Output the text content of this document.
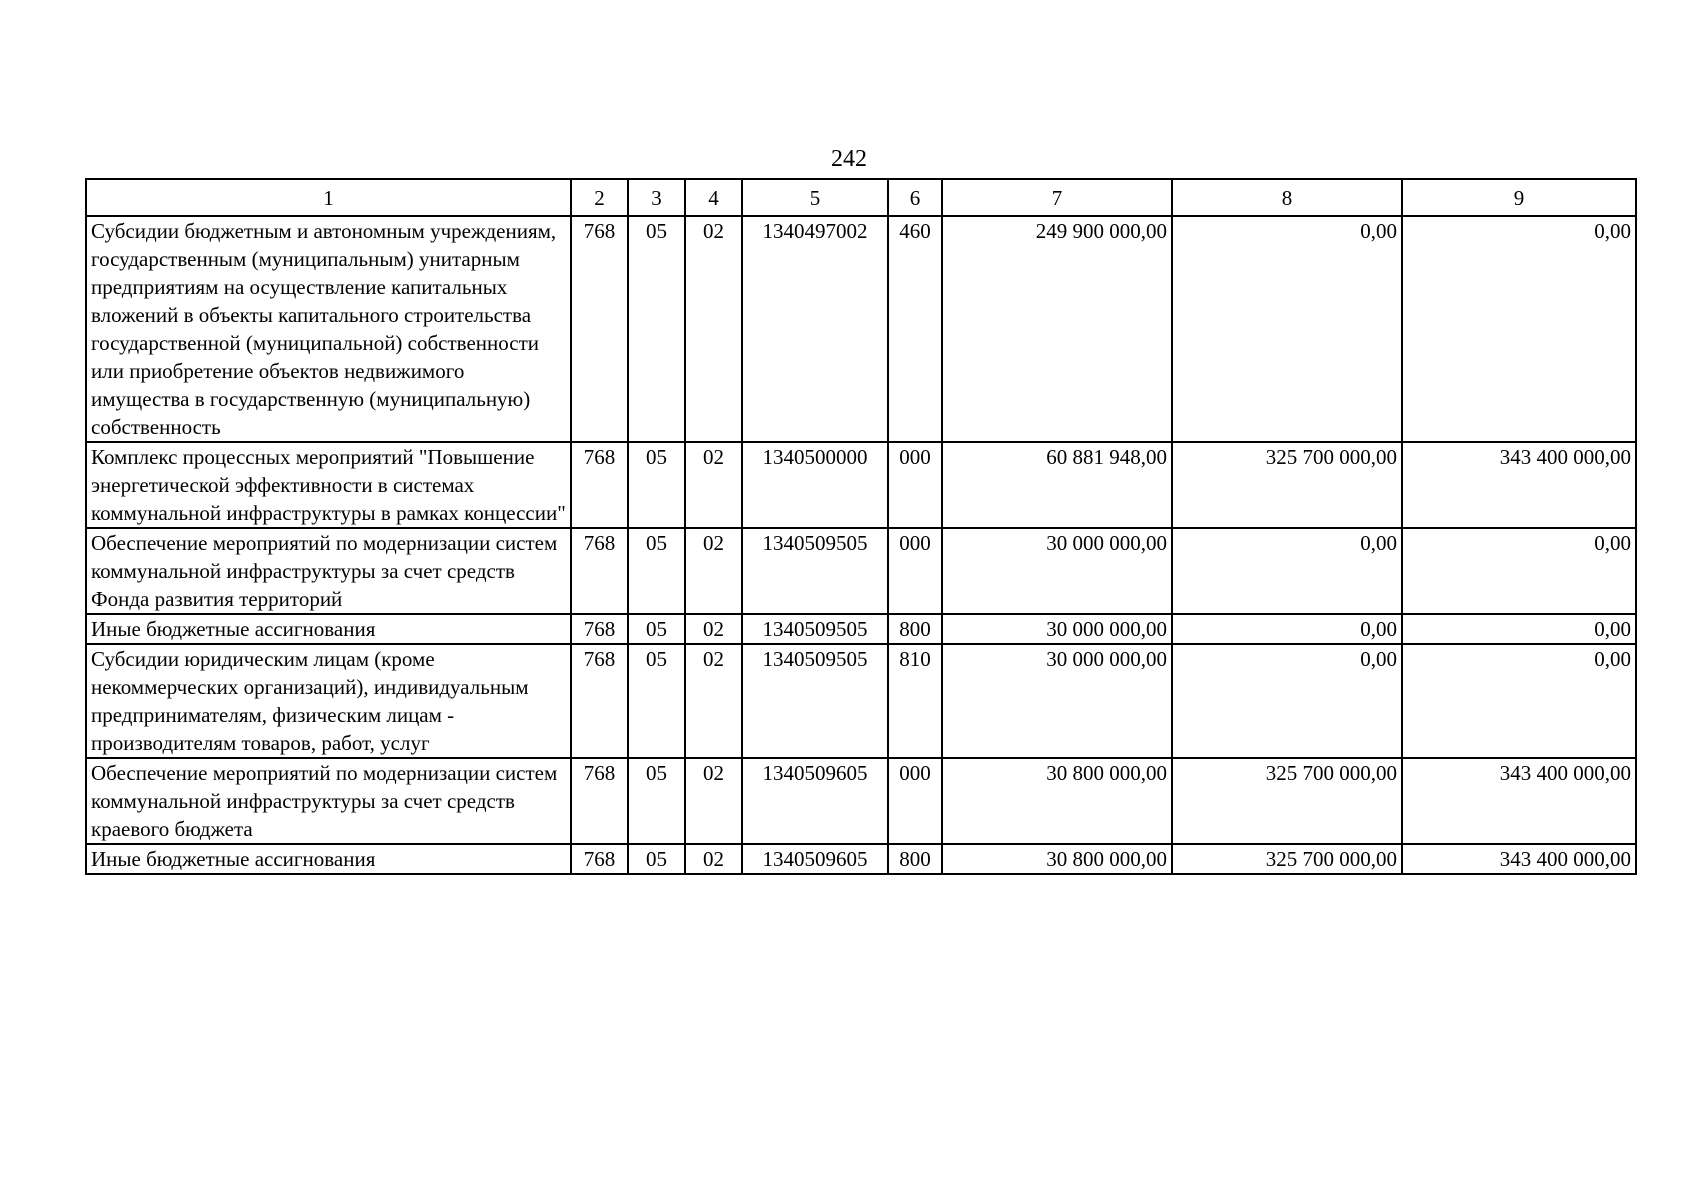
242
1	2	3	4	5	6	7	8	9
Субсидии бюджетным и автономным учреждениям, государственным (муниципальным) унитарным предприятиям на осуществление капитальных вложений в объекты капитального строительства государственной (муниципальной) собственности или приобретение объектов недвижимого имущества в государственную (муниципальную) собственность	768	05	02	1340497002	460	249 900 000,00	0,00	0,00
Комплекс процессных мероприятий "Повышение энергетической эффективности в системах коммунальной инфраструктуры в рамках концессии"	768	05	02	1340500000	000	60 881 948,00	325 700 000,00	343 400 000,00
Обеспечение мероприятий по модернизации систем коммунальной инфраструктуры за счет средств Фонда развития территорий	768	05	02	1340509505	000	30 000 000,00	0,00	0,00
Иные бюджетные ассигнования	768	05	02	1340509505	800	30 000 000,00	0,00	0,00
Субсидии юридическим лицам (кроме некоммерческих организаций), индивидуальным предпринимателям, физическим лицам - производителям товаров, работ, услуг	768	05	02	1340509505	810	30 000 000,00	0,00	0,00
Обеспечение мероприятий по модернизации систем коммунальной инфраструктуры за счет средств краевого бюджета	768	05	02	1340509605	000	30 800 000,00	325 700 000,00	343 400 000,00
Иные бюджетные ассигнования	768	05	02	1340509605	800	30 800 000,00	325 700 000,00	343 400 000,00
